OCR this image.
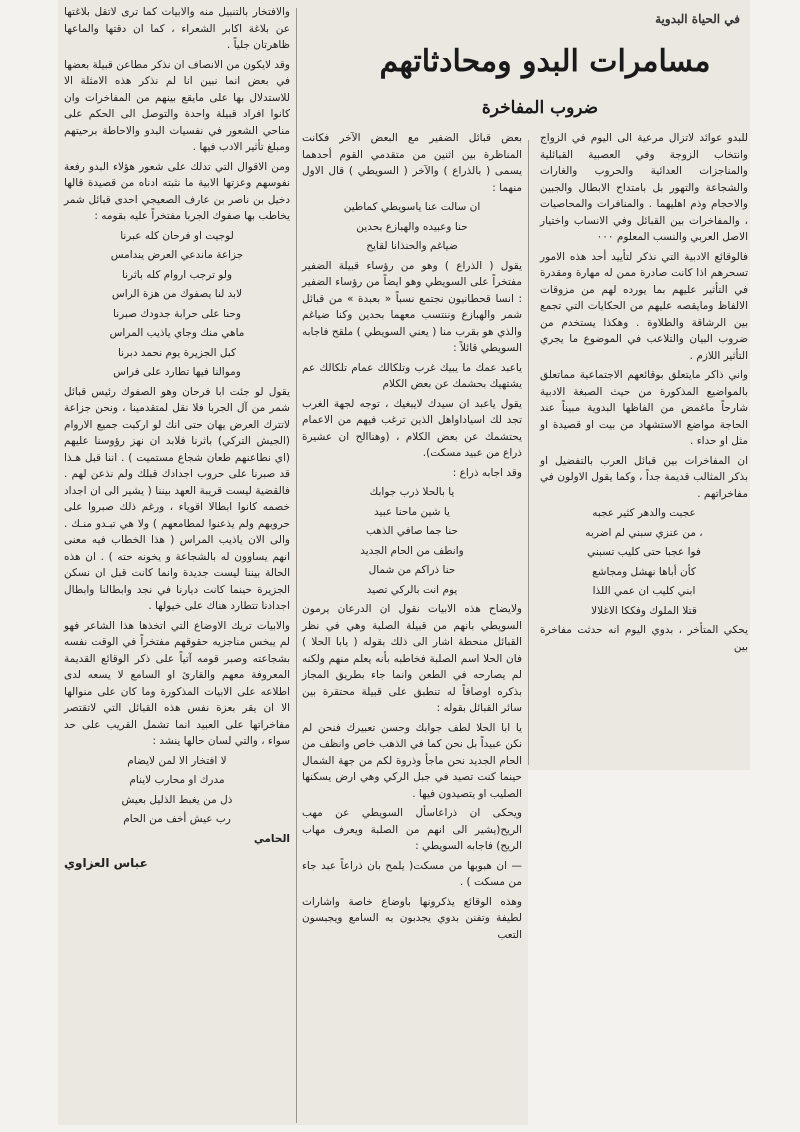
في الحياة البدوية
مسامرات البدو ومحادثاتهم
ضروب المفاخرة

للبدو عوائد لاتزال مرعية الى اليوم في الزواج وانتخاب الزوجة وفي العصبية القبائلية والمناجزات العدائية والحروب والغارات والشجاعة والتهور بل بامتداح الابطال والجبين والاحجام وذم اهليهما . والمنافرات والمحاصيات ، والمفاخرات بين القبائل وفي الانساب واختيار الاصل العربي والنسب المعلوم ٠٠٠

فالوقائع الادبية التي نذكر لتأييد أحد هذه الامور تسحرهم اذا كانت صادرة ممن له مهارة ومقدرة في التأثير عليهم بما يورده لهم من مزوقات الالفاظ ومايقصه عليهم من الحكايات التي تجمع بين الرشاقة والطلاوة . وهكذا يستخدم من ضروب البيان والتلاعب في الموضوع ما يجري التأثير اللازم .

واني ذاكر مايتعلق بوقائعهم الاجتماعية مماتعلق بالمواضيع المذكورة من حيث الصبغة الادبية شارحاً ماغمض من الفاظها البدوية مبيناً عند الحاجة مواضع الاستشهاد من بيت او قصيدة او مثل او حداء .

ان المفاخرات بين قبائل العرب بالتفضيل او بذكر المثالب قديمة جداً ، وكما يقول الاولون في مفاخراتهم .

عجبت والدهر كثير عجبه

، من عنزي سبني لم اضربه

فوا عجبا حتى كليب تسبني

كأن أباها نهشل ومجاشع

ابني كليب ان عمي اللذا

قتلا الملوك وفككا الاغلالا

يحكي المتأخر ، بدوي اليوم انه حدثت مفاخرة بين

بعض قبائل الضفير مع البعض الآخر فكانت المناظرة بين اثنين من متقدمي القوم أحدهما يسمى ( بالذراع ) والآخر ( السويطي ) قال الاول منهما :

ان سالت عنا ياسويطي كماطين

حنا وعبيده والهبازع بحدين

ضياغم والحنذانا لقايح

يقول ( الذراع ) وهو من رؤساء قبيلة الضفير مفتخراً على السويطي وهو ايضاً من رؤساء الضفير : انسا قحطانيون نجتمع نسباً « بعبدة » من قبائل شمر والهبازع وننتسب معهما بحدين وكنا ضياغم والذي هو بقرب منا ( يعني السويطي ) ملقح فاجابه السويطي قائلاً :

ياعبد عمك ما يبيك غرب وتلكالك عمام تلكالك عم يشتهيك بحشمك عن بعض الكلام

يقول ياعبد ان سيدك لايبغيك ، توجه لجهة الغرب تجد لك اسياداواهل الذين ترغب فيهم من الاعمام يحتشمك عن بعض الكلام ، (وهناالح ان عشيرة ذراع من عبيد مسكت).

وقد اجابه ذراع :

يا بالحلا ذرب جوابك

يا شين ماحنا عبيد

حنا جما صافي الذهب

وانطف من الحام الجديد

حنا ذراكم من شمال

يوم انت بالركي تصيد

ولايضاح هذه الابيات نقول ان الدرعان يرمون السويطي بانهم من قبيلة الصلبة وهي في نظر القبائل منحطة اشار الى ذلك بقوله ( يابا الحلا ) فان الحلا اسم الصلبة فخاطبه بأنه يعلم منهم ولكنه لم يصارحه في الطعن وانما جاء بطريق المجاز بذكره اوصافاً له تنطبق على قبيلة محتقرة بين سائر القبائل بقوله :

يا ابا الحلا لطف جوابك وحسن تعبيرك فنحن لم نكن عبيداً بل نحن كما في الذهب خاص وانظف من الحام الجديد نحن ماجأ وذروة لكم من جهة الشمال حينما كنت تصيد في جبل الركي وهي ارض يسكنها الصليب او يتصيدون فيها .

ويحكى ان ذراعاسأل السويطي عن مهب الريح(يشير الى انهم من الصلبة ويعرف مهاب الريح) فاجابه السويطي :

— ان هبوبها من مسكت( يلمح بان ذراعاً عبد جاء من مسكت ) .

وهذه الوقائع يذكرونها باوضاع خاصة واشارات لطيفة وتفنن بدوي يجدبون به السامع ويجبسون التعب

والافتخار بالتنبيل منه والابيات كما ترى لاتقل بلاغتها عن بلاغة اكابر الشعراء ، كما ان دقتها والماعها ظاهرتان جلياً .

وقد لايكون من الانصاف ان نذكر مطاعن قبيلة بعضها في بعض انما نبين انا لم نذكر هذه الامثلة الا للاستدلال بها على مايقع بينهم من المفاخرات وان كانوا افراد قبيلة واحدة والتوصل الى الحكم على مناحي الشعور في نفسيات البدو والاحاطة برحيتهم ومبلغ تأثير الادب فيها .

ومن الاقوال التي تدلك على شعور هؤلاء البدو رفعة نفوسهم وعزتها الابية ما نثبته ادناه من قصيدة قالها دخيل بن ناصر بن عارف الصعيجي احدى قبائل شمر يخاطب بها صفوك الجربا مفتخراً عليه بقومه :

لوجيت او فرحان كله عبرنا

جزاعة ماندعي العرض يندامس

ولو ترجب اروام كله باثرنا

لابد لنا يصفوك من هزة الراس

وحنا على حرابة جدودك صبرنا

ماهي منك وجاي ياذيب المراس

كبل الجزيرة يوم نحمد دبرنا

وموالنا فيها تطارد على فراس

يقول لو جئت ابا فرحان وهو الصفوك رئيس قبائل شمر من آل الجربا فلا نقل لمتقدمينا ، ونحن جزاعة لاتترك العرض يهان حتى انك لو اركبت جميع الاروام (الجيش التركي) باثرنا فلابد ان نهز رؤوسنا عليهم (اي نطاعنهم طعان شجاع مستميت ) . اننا قبل هـذا قد صبرنا على حروب اجدادك قبلك ولم نذعن لهم . فالقضية ليست قريبة العهد بيننا ( يشير الى ان اجداد خصمه كانوا ابطالا اقوياء ، ورغم ذلك صبروا على حروبهم ولم يذعنوا لمطامعهم ) ولا هي تبـدو منـك . والى الان ياذيب المراس ( هذا الخطاب فيه معنى انهم يساوون له بالشجاعة و يخونه حته ) . ان هذه الحالة بيننا ليست جديدة وانما كانت قبل ان نسكن الجزيرة حينما كانت ديارنا في نجد وابطالنا وابطال اجدادنا تتطارد هناك على خيولها .

والابيات تريك الاوضاع التي اتخذها هذا الشاعر فهو لم يبخس مناجزيه حقوقهم مفتخراً في الوقت نفسه بشجاعته وصبر قومه آتياً على ذكر الوقائع القديمة المعروفة معهم والقارئ او السامع لا يسعه لدى اطلاعه على الابيات المذكورة وما كان على منوالها الا ان يقر بعزة نفس هذه القبائل التي لاتقتصر مفاخراتها على العبيد انما تشمل القريب على حد سواء ، والتي لسان حالها ينشد :

لا افتخار الا لمن لايضام

مدرك او محارب لاينام

ذل من يغبط الذليل بعيش

رب عيش أخف من الحام

الحامي

عباس العزاوي
